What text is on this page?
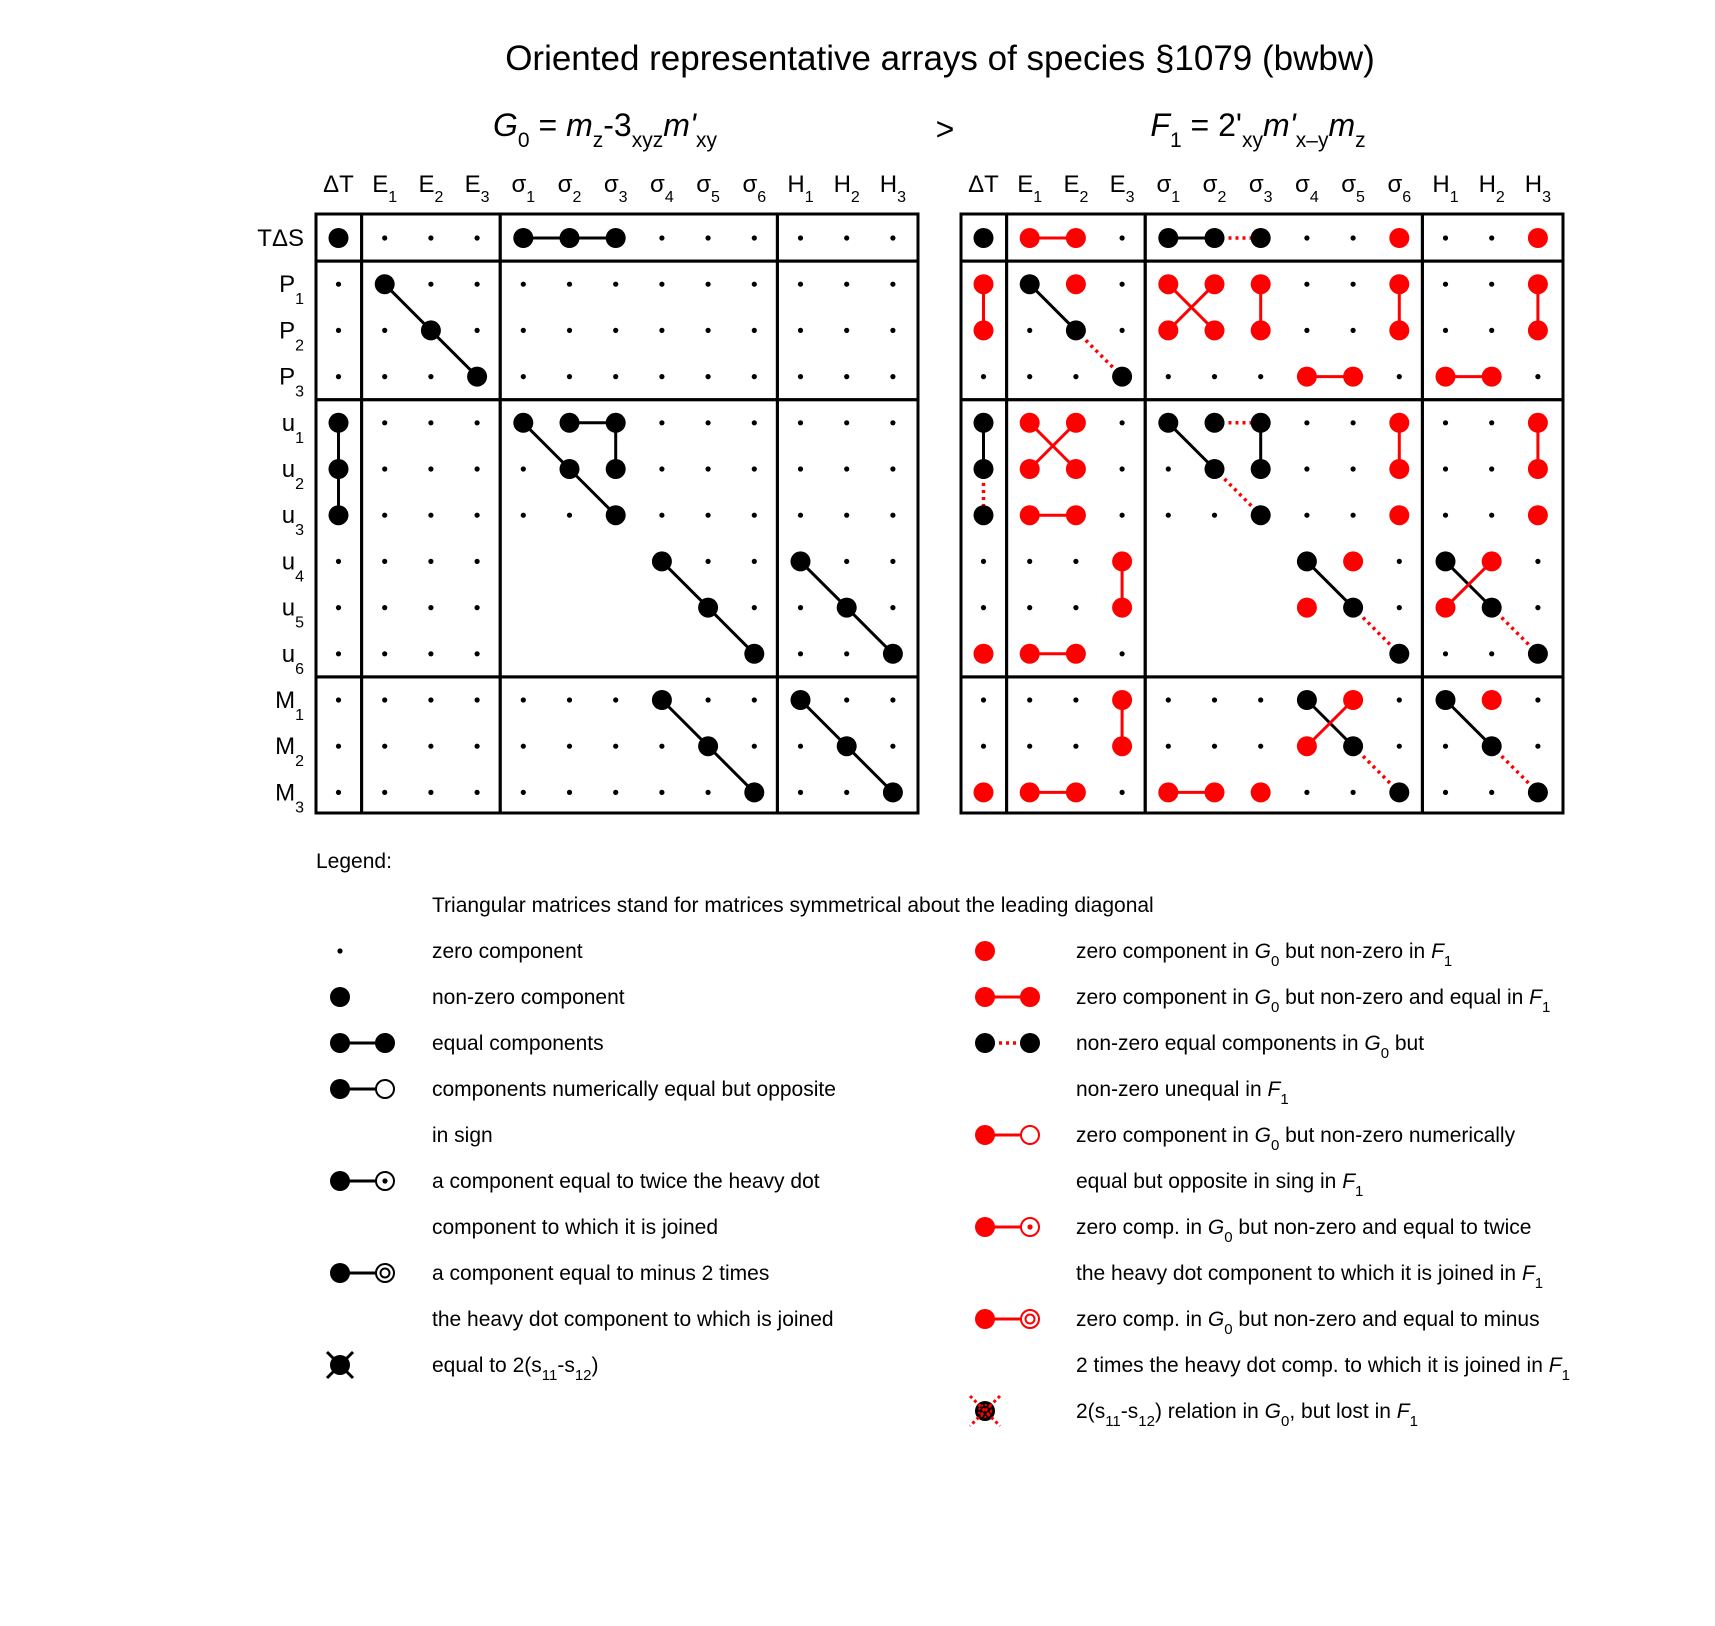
Oriented representative arrays of species §1079 (bwbw)
$G_0 = m_z-3_{xyz}m'_{xy}$	>	$F_1 = 2'_{xy}m'_{x-y}m_z$
ΔT $E_1$ $E_2$ $E_3$ $\sigma_1$ $\sigma_2$ $\sigma_3$ $\sigma_4$ $\sigma_5$ $\sigma_6$ $H_1$ $H_2$ $H_3$
TΔS
$P_1$
$P_2$
$P_3$
$u_1$
$u_2$
$u_3$
$u_4$
$u_5$
$u_6$
$M_1$
$M_2$
$M_3$
ΔT $E_1$ $E_2$ $E_3$ $\sigma_1$ $\sigma_2$ $\sigma_3$ $\sigma_4$ $\sigma_5$ $\sigma_6$ $H_1$ $H_2$ $H_3$
Legend:
Triangular matrices stand for matrices symmetrical about the leading diagonal
zero component
non-zero component
equal components
components numerically equal but opposite
in sign
a component equal to twice the heavy dot
component to which it is joined
a component equal to minus 2 times
the heavy dot component to which is joined
equal to $2(s_{11}-s_{12})$
zero component in $G_0$ but non-zero in $F_1$
zero component in $G_0$ but non-zero and equal in $F_1$
non-zero equal components in $G_0$ but
non-zero unequal in $F_1$
zero component in $G_0$ but non-zero numerically
equal but opposite in sing in $F_1$
zero comp. in $G_0$ but non-zero and equal to twice
the heavy dot component to which it is joined in $F_1$
zero comp. in $G_0$ but non-zero and equal to minus
2 times the heavy dot comp. to which it is joined in $F_1$
$2(s_{11}-s_{12})$ relation in $G_0$, but lost in $F_1$
